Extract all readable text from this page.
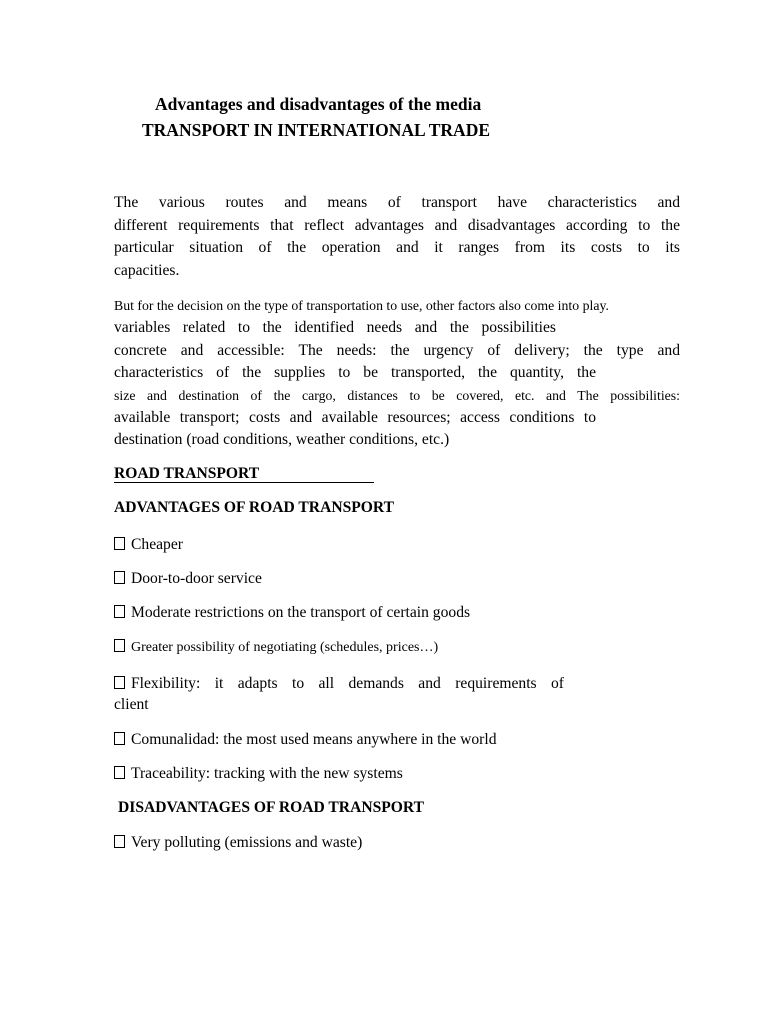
Advantages and disadvantages of the media
TRANSPORT IN INTERNATIONAL TRADE
The various routes and means of transport have characteristics and
different requirements that reflect advantages and disadvantages according to the
particular situation of the operation and it ranges from its costs to its
capacities.
But for the decision on the type of transportation to use, other factors also come into play.
variables related to the identified needs and the possibilities
concrete and accessible: The needs: the urgency of delivery; the type and
characteristics of the supplies to be transported, the quantity, the
size and destination of the cargo, distances to be covered, etc. and The possibilities:
available transport; costs and available resources; access conditions to
destination (road conditions, weather conditions, etc.)
ROAD TRANSPORT
ADVANTAGES OF ROAD TRANSPORT
Cheaper
Door-to-door service
Moderate restrictions on the transport of certain goods
Greater possibility of negotiating (schedules, prices…)
Flexibility: it adapts to all demands and requirements of
client
Comunalidad: the most used means anywhere in the world
Traceability: tracking with the new systems
DISADVANTAGES OF ROAD TRANSPORT
Very polluting (emissions and waste)
